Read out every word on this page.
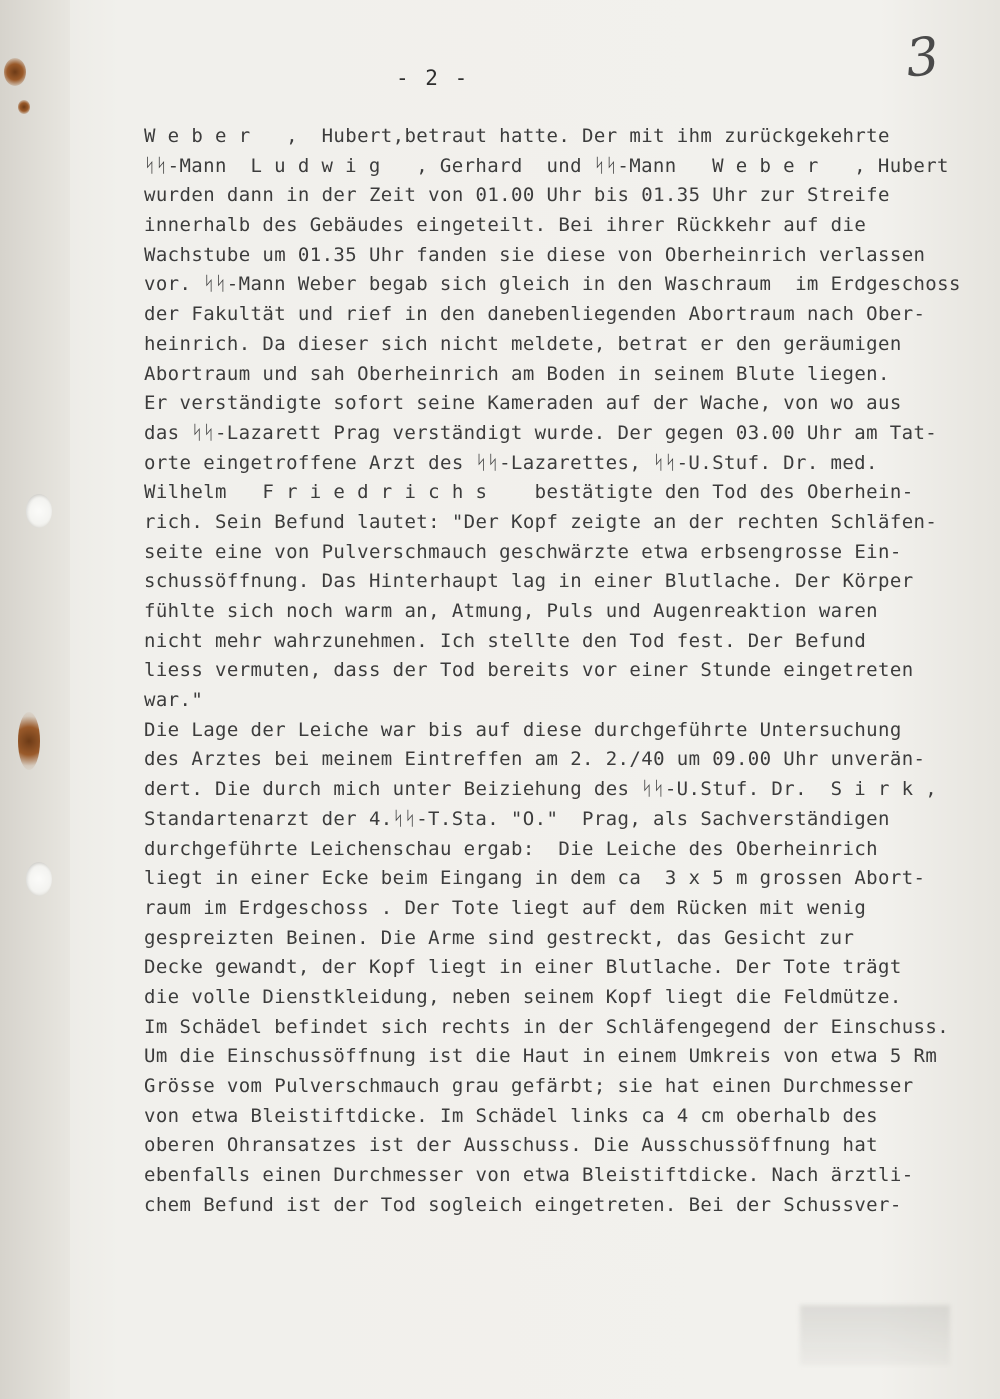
- 2 -	3
W e b e r   ,  Hubert,betraut hatte. Der mit ihm zurückgekehrte
ᛋᛋ-Mann  L u d w i g   , Gerhard  und ᛋᛋ-Mann   W e b e r   , Hubert
wurden dann in der Zeit von 01.00 Uhr bis 01.35 Uhr zur Streife
innerhalb des Gebäudes eingeteilt. Bei ihrer Rückkehr auf die
Wachstube um 01.35 Uhr fanden sie diese von Oberheinrich verlassen
vor. ᛋᛋ-Mann Weber begab sich gleich in den Waschraum  im Erdgeschoss
der Fakultät und rief in den danebenliegenden Abortraum nach Ober-
heinrich. Da dieser sich nicht meldete, betrat er den geräumigen
Abortraum und sah Oberheinrich am Boden in seinem Blute liegen.
Er verständigte sofort seine Kameraden auf der Wache, von wo aus
das ᛋᛋ-Lazarett Prag verständigt wurde. Der gegen 03.00 Uhr am Tat-
orte eingetroffene Arzt des ᛋᛋ-Lazarettes, ᛋᛋ-U.Stuf. Dr. med.
Wilhelm   F r i e d r i c h s    bestätigte den Tod des Oberhein-
rich. Sein Befund lautet: "Der Kopf zeigte an der rechten Schläfen-
seite eine von Pulverschmauch geschwärzte etwa erbsengrosse Ein-
schussöffnung. Das Hinterhaupt lag in einer Blutlache. Der Körper
fühlte sich noch warm an, Atmung, Puls und Augenreaktion waren
nicht mehr wahrzunehmen. Ich stellte den Tod fest. Der Befund
liess vermuten, dass der Tod bereits vor einer Stunde eingetreten
war."
Die Lage der Leiche war bis auf diese durchgeführte Untersuchung
des Arztes bei meinem Eintreffen am 2. 2./40 um 09.00 Uhr unverän-
dert. Die durch mich unter Beiziehung des ᛋᛋ-U.Stuf. Dr.  S i r k ,
Standartenarzt der 4.ᛋᛋ-T.Sta. "O."  Prag, als Sachverständigen
durchgeführte Leichenschau ergab:  Die Leiche des Oberheinrich
liegt in einer Ecke beim Eingang in dem ca  3 x 5 m grossen Abort-
raum im Erdgeschoss . Der Tote liegt auf dem Rücken mit wenig
gespreizten Beinen. Die Arme sind gestreckt, das Gesicht zur
Decke gewandt, der Kopf liegt in einer Blutlache. Der Tote trägt
die volle Dienstkleidung, neben seinem Kopf liegt die Feldmütze.
Im Schädel befindet sich rechts in der Schläfengegend der Einschuss.
Um die Einschussöffnung ist die Haut in einem Umkreis von etwa 5 Rm
Grösse vom Pulverschmauch grau gefärbt; sie hat einen Durchmesser
von etwa Bleistiftdicke. Im Schädel links ca 4 cm oberhalb des
oberen Ohransatzes ist der Ausschuss. Die Ausschussöffnung hat
ebenfalls einen Durchmesser von etwa Bleistiftdicke. Nach ärztli-
chem Befund ist der Tod sogleich eingetreten. Bei der Schussver-
